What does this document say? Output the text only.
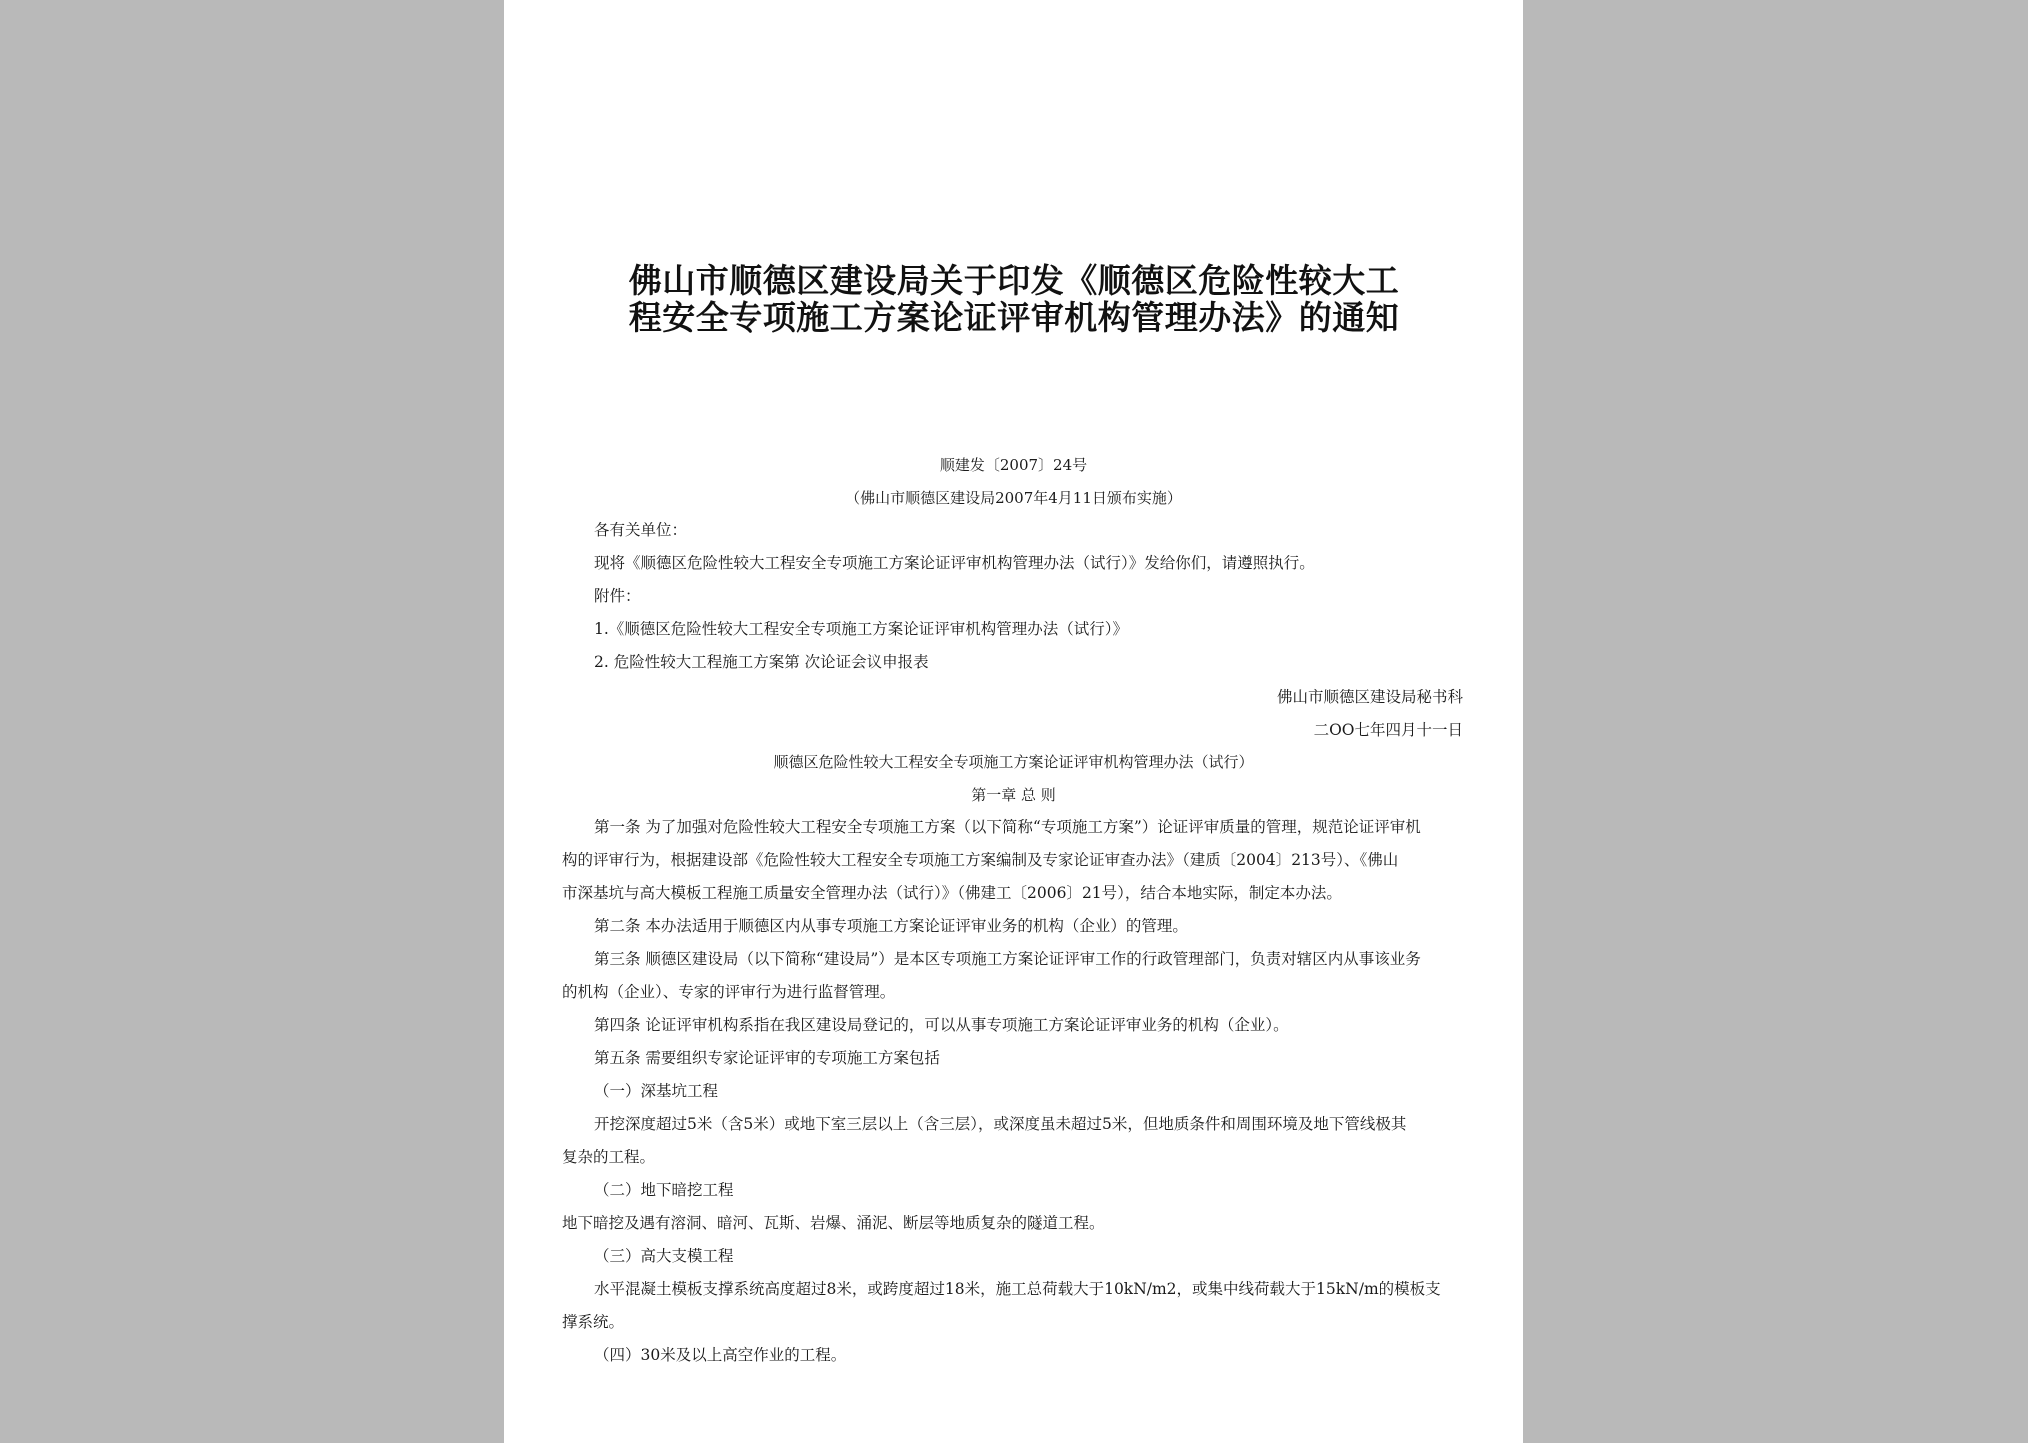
佛山市顺德区建设局关于印发《顺德区危险性较大工
程安全专项施工方案论证评审机构管理办法》的通知
顺建发〔2007〕24号
（佛山市顺德区建设局2007年4月11日颁布实施）
各有关单位：
现将《顺德区危险性较大工程安全专项施工方案论证评审机构管理办法（试行）》发给你们，请遵照执行。
附件：
1.《顺德区危险性较大工程安全专项施工方案论证评审机构管理办法（试行）》
2. 危险性较大工程施工方案第 次论证会议申报表
佛山市顺德区建设局秘书科
二OO七年四月十一日
顺德区危险性较大工程安全专项施工方案论证评审机构管理办法（试行）
第一章 总 则
第一条 为了加强对危险性较大工程安全专项施工方案（以下简称“专项施工方案”）论证评审质量的管理，规范论证评审机
构的评审行为，根据建设部《危险性较大工程安全专项施工方案编制及专家论证审查办法》（建质〔2004〕213号）、《佛山
市深基坑与高大模板工程施工质量安全管理办法（试行）》（佛建工〔2006〕21号），结合本地实际，制定本办法。
第二条 本办法适用于顺德区内从事专项施工方案论证评审业务的机构（企业）的管理。
第三条 顺德区建设局（以下简称“建设局”）是本区专项施工方案论证评审工作的行政管理部门，负责对辖区内从事该业务
的机构（企业）、专家的评审行为进行监督管理。
第四条 论证评审机构系指在我区建设局登记的，可以从事专项施工方案论证评审业务的机构（企业）。
第五条 需要组织专家论证评审的专项施工方案包括
（一）深基坑工程
开挖深度超过5米（含5米）或地下室三层以上（含三层），或深度虽未超过5米，但地质条件和周围环境及地下管线极其
复杂的工程。
（二）地下暗挖工程
地下暗挖及遇有溶洞、暗河、瓦斯、岩爆、涌泥、断层等地质复杂的隧道工程。
（三）高大支模工程
水平混凝土模板支撑系统高度超过8米，或跨度超过18米，施工总荷载大于10kN/m2，或集中线荷载大于15kN/m的模板支
撑系统。
（四）30米及以上高空作业的工程。
